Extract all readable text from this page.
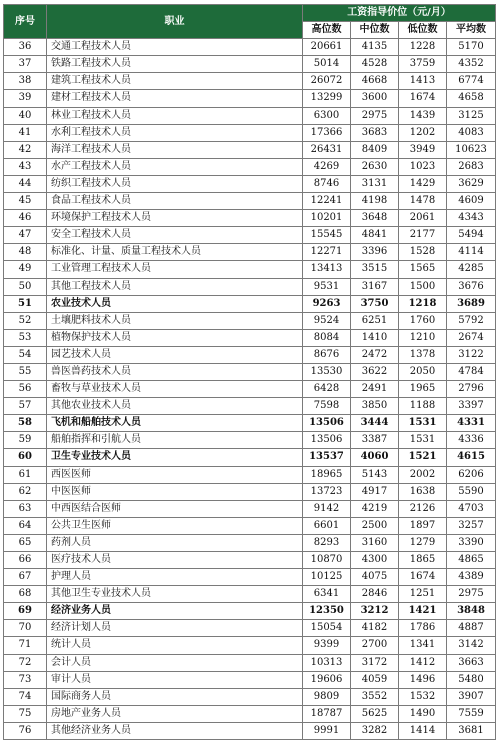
序号	职业	工资指导价位（元/月）			
		高位数	中位数	低位数	平均数
36	交通工程技术人员	20661	4135	1228	5170
37	铁路工程技术人员	5014	4528	3759	4352
38	建筑工程技术人员	26072	4668	1413	6774
39	建材工程技术人员	13299	3600	1674	4658
40	林业工程技术人员	6300	2975	1439	3125
41	水利工程技术人员	17366	3683	1202	4083
42	海洋工程技术人员	26431	8409	3949	10623
43	水产工程技术人员	4269	2630	1023	2683
44	纺织工程技术人员	8746	3131	1429	3629
45	食品工程技术人员	12241	4198	1478	4609
46	环境保护工程技术人员	10201	3648	2061	4343
47	安全工程技术人员	15545	4841	2177	5494
48	标准化、计量、质量工程技术人员	12271	3396	1528	4114
49	工业管理工程技术人员	13413	3515	1565	4285
50	其他工程技术人员	9531	3167	1500	3676
51	农业技术人员	9263	3750	1218	3689
52	土壤肥料技术人员	9524	6251	1760	5792
53	植物保护技术人员	8084	1410	1210	2674
54	园艺技术人员	8676	2472	1378	3122
55	兽医兽药技术人员	13530	3622	2050	4784
56	畜牧与草业技术人员	6428	2491	1965	2796
57	其他农业技术人员	7598	3850	1188	3397
58	飞机和船舶技术人员	13506	3444	1531	4331
59	船舶指挥和引航人员	13506	3387	1531	4336
60	卫生专业技术人员	13537	4060	1521	4615
61	西医医师	18965	5143	2002	6206
62	中医医师	13723	4917	1638	5590
63	中西医结合医师	9142	4219	2126	4703
64	公共卫生医师	6601	2500	1897	3257
65	药剂人员	8293	3160	1279	3390
66	医疗技术人员	10870	4300	1865	4865
67	护理人员	10125	4075	1674	4389
68	其他卫生专业技术人员	6341	2846	1251	2975
69	经济业务人员	12350	3212	1421	3848
70	经济计划人员	15054	4182	1786	4887
71	统计人员	9399	2700	1341	3142
72	会计人员	10313	3172	1412	3663
73	审计人员	19606	4059	1496	5480
74	国际商务人员	9809	3552	1532	3907
75	房地产业务人员	18787	5625	1490	7559
76	其他经济业务人员	9991	3282	1414	3681
